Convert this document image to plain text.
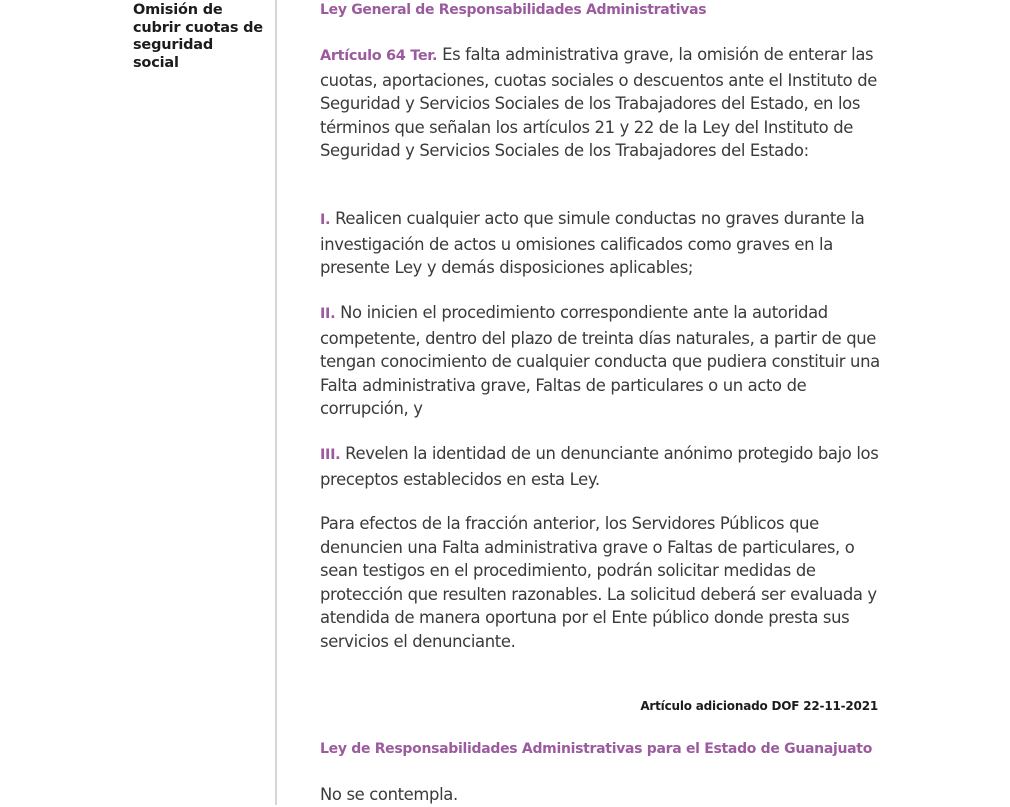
Omisión de cubrir cuotas de seguridad social

Ley General de Responsabilidades Administrativas

Artículo 64 Ter. Es falta administrativa grave, la omisión de enterar las cuotas, aportaciones, cuotas sociales o descuentos ante el Instituto de Seguridad y Servicios Sociales de los Trabajadores del Estado, en los términos que señalan los artículos 21 y 22 de la Ley del Instituto de Seguridad y Servicios Sociales de los Trabajadores del Estado:

I. Realicen cualquier acto que simule conductas no graves durante la investigación de actos u omisiones calificados como graves en la presente Ley y demás disposiciones aplicables;

II. No inicien el procedimiento correspondiente ante la autoridad competente, dentro del plazo de treinta días naturales, a partir de que tengan conocimiento de cualquier conducta que pudiera constituir una Falta administrativa grave, Faltas de particulares o un acto de corrupción, y

III. Revelen la identidad de un denunciante anónimo protegido bajo los preceptos establecidos en esta Ley.

Para efectos de la fracción anterior, los Servidores Públicos que denuncien una Falta administrativa grave o Faltas de particulares, o sean testigos en el procedimiento, podrán solicitar medidas de protección que resulten razonables. La solicitud deberá ser evaluada y atendida de manera oportuna por el Ente público donde presta sus servicios el denunciante.

Artículo adicionado DOF 22-11-2021

Ley de Responsabilidades Administrativas para el Estado de Guanajuato

No se contempla.
